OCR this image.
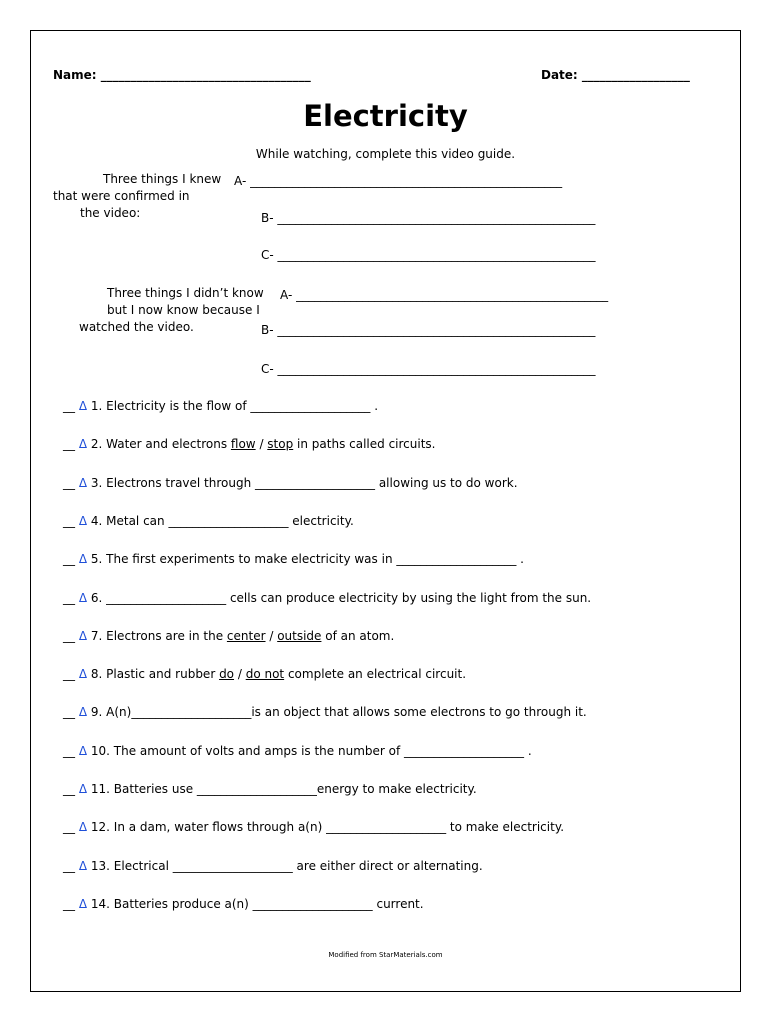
Name: ___________________________________	Date: __________________
Electricity
While watching, complete this video guide.
Three things I knew
that were confirmed in
the video:
A- ____________________________________________________
B- _____________________________________________________
C- _____________________________________________________
Three things I didn’t know
but I now know because I
watched the video.
A- ____________________________________________________
B- _____________________________________________________
C- _____________________________________________________
__ Δ 1. Electricity is the flow of ____________________ .
__ Δ 2. Water and electrons flow / stop in paths called circuits.
__ Δ 3. Electrons travel through ____________________ allowing us to do work.
__ Δ 4. Metal can ____________________ electricity.
__ Δ 5. The first experiments to make electricity was in ____________________ .
__ Δ 6. ____________________ cells can produce electricity by using the light from the sun.
__ Δ 7. Electrons are in the center / outside of an atom.
__ Δ 8. Plastic and rubber do / do not complete an electrical circuit.
__ Δ 9. A(n)____________________is an object that allows some electrons to go through it.
__ Δ 10. The amount of volts and amps is the number of ____________________ .
__ Δ 11. Batteries use ____________________energy to make electricity.
__ Δ 12. In a dam, water flows through a(n) ____________________ to make electricity.
__ Δ 13. Electrical ____________________ are either direct or alternating.
__ Δ 14. Batteries produce a(n) ____________________ current.
Modified from StarMaterials.com
